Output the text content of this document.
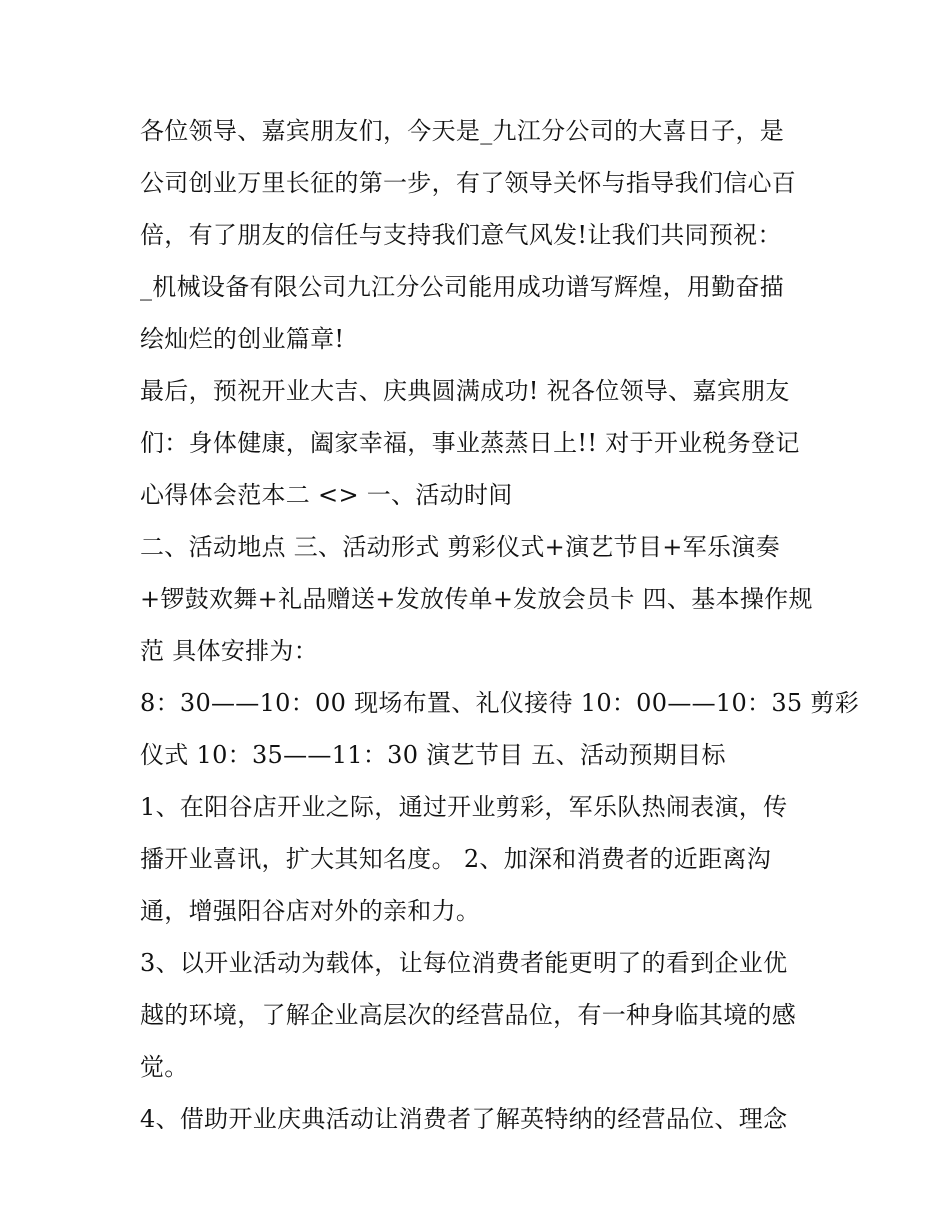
各位领导、嘉宾朋友们，今天是_九江分公司的大喜日子，是
公司创业万里长征的第一步，有了领导关怀与指导我们信心百
倍，有了朋友的信任与支持我们意气风发!让我们共同预祝：
_机械设备有限公司九江分公司能用成功谱写辉煌，用勤奋描
绘灿烂的创业篇章!
最后，预祝开业大吉、庆典圆满成功! 祝各位领导、嘉宾朋友
们：身体健康，阖家幸福，事业蒸蒸日上!! 对于开业税务登记
心得体会范本二 <> 一、活动时间
二、活动地点 三、活动形式 剪彩仪式+演艺节目+军乐演奏
+锣鼓欢舞+礼品赠送+发放传单+发放会员卡 四、基本操作规
范 具体安排为：
8：30——10：00 现场布置、礼仪接待 10：00——10：35 剪彩
仪式 10：35——11：30 演艺节目 五、活动预期目标
1、在阳谷店开业之际，通过开业剪彩，军乐队热闹表演，传
播开业喜讯，扩大其知名度。 2、加深和消费者的近距离沟
通，增强阳谷店对外的亲和力。
3、以开业活动为载体，让每位消费者能更明了的看到企业优
越的环境，了解企业高层次的经营品位，有一种身临其境的感
觉。
4、借助开业庆典活动让消费者了解英特纳的经营品位、理念
